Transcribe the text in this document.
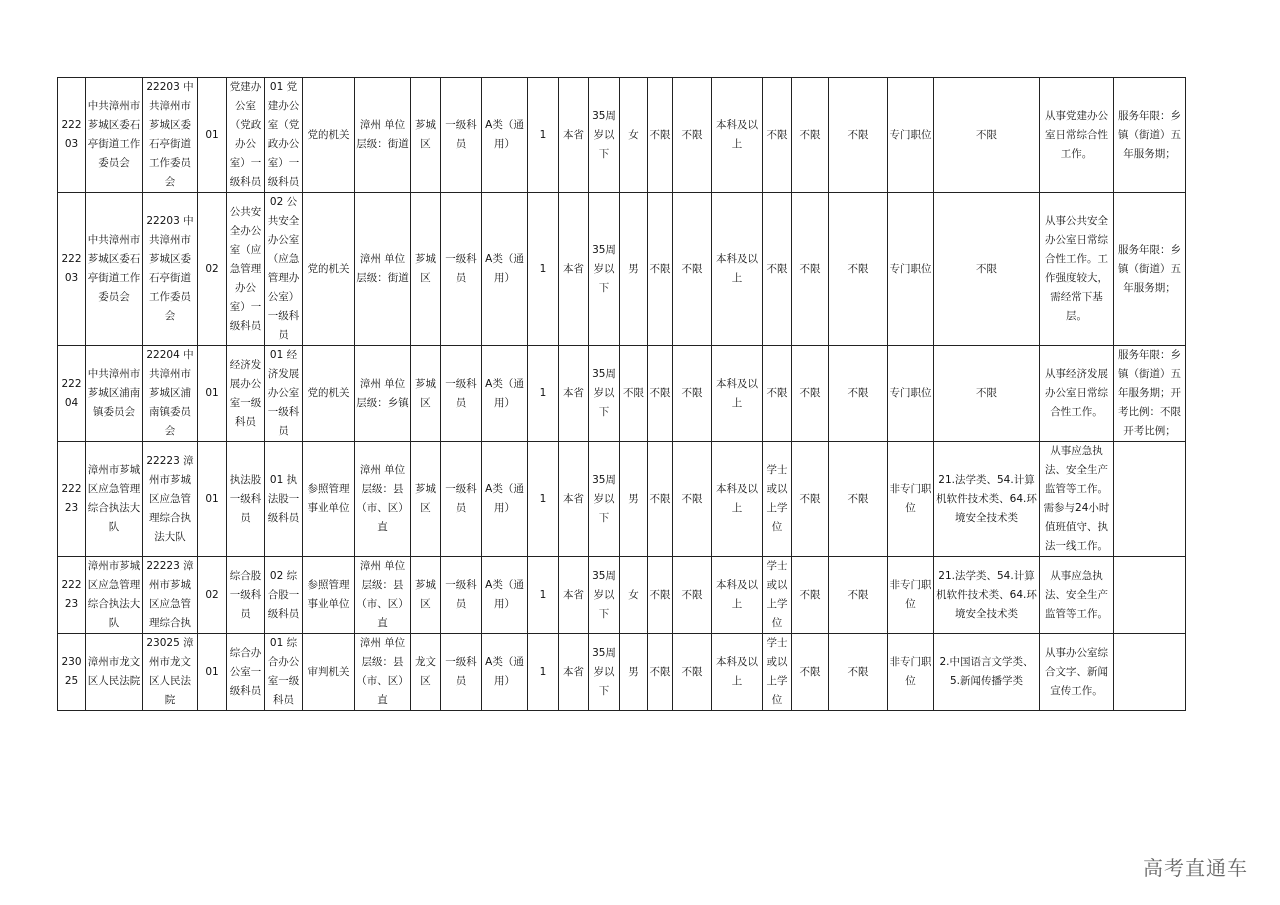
22203	中共漳州市芗城区委石亭街道工作委员会	22203 中共漳州市芗城区委石亭街道工作委员会	01	党建办公室（党政办公室）一级科员	01 党建办公室（党政办公室）一级科员	党的机关	漳州 单位层级：街道	芗城区	一级科员	A类（通用）	1	本省	35周岁以下	女	不限	不限	本科及以上	不限	不限	不限	专门职位	不限	从事党建办公室日常综合性工作。	服务年限：乡镇（街道）五年服务期；
22203	中共漳州市芗城区委石亭街道工作委员会	22203 中共漳州市芗城区委石亭街道工作委员会	02	公共安全办公室（应急管理办公室）一级科员	02 公共安全办公室（应急管理办公室）一级科员	党的机关	漳州 单位层级：街道	芗城区	一级科员	A类（通用）	1	本省	35周岁以下	男	不限	不限	本科及以上	不限	不限	不限	专门职位	不限	从事公共安全办公室日常综合性工作。工作强度较大，需经常下基层。	服务年限：乡镇（街道）五年服务期；
22204	中共漳州市芗城区浦南镇委员会	22204 中共漳州市芗城区浦南镇委员会	01	经济发展办公室一级科员	01 经济发展办公室一级科员	党的机关	漳州 单位层级：乡镇	芗城区	一级科员	A类（通用）	1	本省	35周岁以下	不限	不限	不限	本科及以上	不限	不限	不限	专门职位	不限	从事经济发展办公室日常综合性工作。	服务年限：乡镇（街道）五年服务期；开考比例：不限开考比例；
22223	漳州市芗城区应急管理综合执法大队	22223 漳州市芗城区应急管理综合执法大队	01	执法股一级科员	01 执法股一级科员	参照管理事业单位	漳州 单位层级：县（市、区）直	芗城区	一级科员	A类（通用）	1	本省	35周岁以下	男	不限	不限	本科及以上	学士或以上学位	不限	不限	非专门职位	21.法学类、54.计算机软件技术类、64.环境安全技术类	从事应急执法、安全生产监管等工作。需参与24小时值班值守、执法一线工作。	
22223	漳州市芗城区应急管理综合执法大队	22223 漳州市芗城区应急管理综合执	02	综合股一级科员	02 综合股一级科员	参照管理事业单位	漳州 单位层级：县（市、区）直	芗城区	一级科员	A类（通用）	1	本省	35周岁以下	女	不限	不限	本科及以上	学士或以上学位	不限	不限	非专门职位	21.法学类、54.计算机软件技术类、64.环境安全技术类	从事应急执法、安全生产监管等工作。	
23025	漳州市龙文区人民法院	23025 漳州市龙文区人民法院	01	综合办公室一级科员	01 综合办公室一级科员	审判机关	漳州 单位层级：县（市、区）直	龙文区	一级科员	A类（通用）	1	本省	35周岁以下	男	不限	不限	本科及以上	学士或以上学位	不限	不限	非专门职位	2.中国语言文学类、5.新闻传播学类	从事办公室综合文字、新闻宣传工作。	
高考直通车
